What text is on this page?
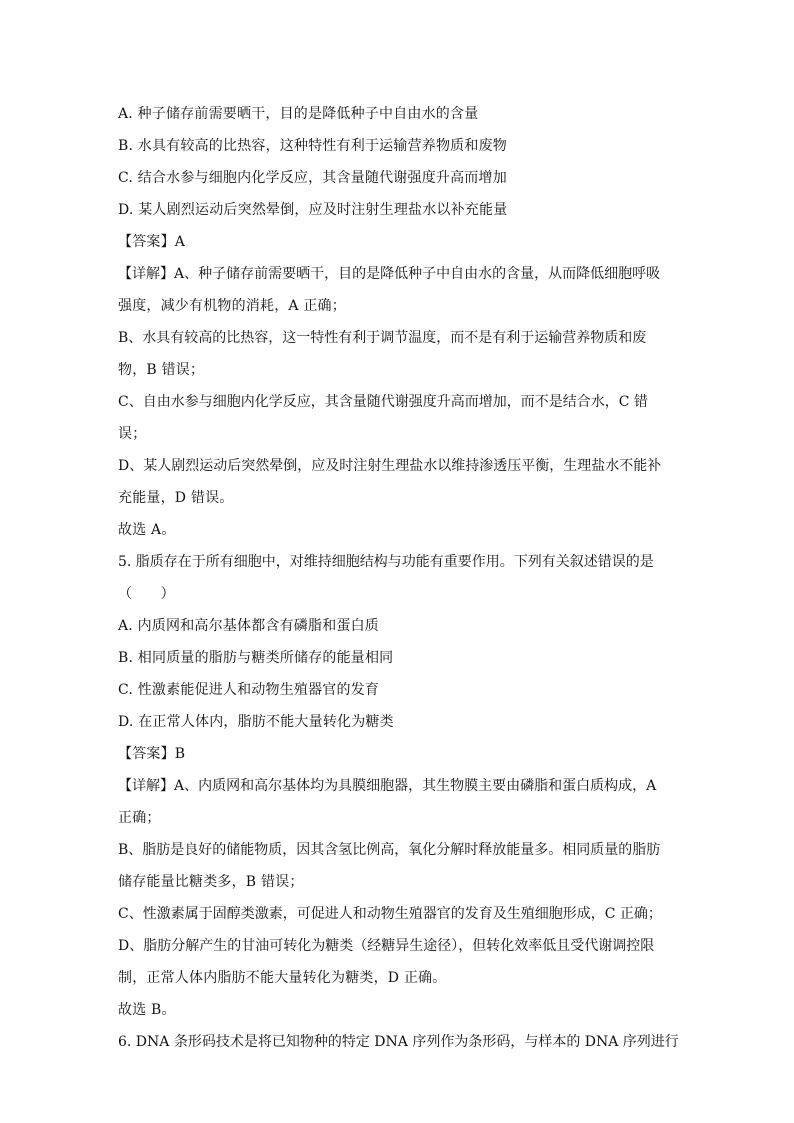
A. 种子储存前需要晒干，目的是降低种子中自由水的含量
B. 水具有较高的比热容，这种特性有利于运输营养物质和废物
C. 结合水参与细胞内化学反应，其含量随代谢强度升高而增加
D. 某人剧烈运动后突然晕倒，应及时注射生理盐水以补充能量
【答案】A
【详解】A、种子储存前需要晒干，目的是降低种子中自由水的含量，从而降低细胞呼吸
强度，减少有机物的消耗，A 正确；
B、水具有较高的比热容，这一特性有利于调节温度，而不是有利于运输营养物质和废
物，B 错误；
C、自由水参与细胞内化学反应，其含量随代谢强度升高而增加，而不是结合水，C 错
误；
D、某人剧烈运动后突然晕倒，应及时注射生理盐水以维持渗透压平衡，生理盐水不能补
充能量，D 错误。
故选 A。
5. 脂质存在于所有细胞中，对维持细胞结构与功能有重要作用。下列有关叙述错误的是
（　　）
A. 内质网和高尔基体都含有磷脂和蛋白质
B. 相同质量的脂肪与糖类所储存的能量相同
C. 性激素能促进人和动物生殖器官的发育
D. 在正常人体内，脂肪不能大量转化为糖类
【答案】B
【详解】A、内质网和高尔基体均为具膜细胞器，其生物膜主要由磷脂和蛋白质构成，A
正确；
B、脂肪是良好的储能物质，因其含氢比例高，氧化分解时释放能量多。相同质量的脂肪
储存能量比糖类多，B 错误；
C、性激素属于固醇类激素，可促进人和动物生殖器官的发育及生殖细胞形成，C 正确；
D、脂肪分解产生的甘油可转化为糖类（经糖异生途径），但转化效率低且受代谢调控限
制，正常人体内脂肪不能大量转化为糖类，D 正确。
故选 B。
6. DNA 条形码技术是将已知物种的特定 DNA 序列作为条形码，与样本的 DNA 序列进行
